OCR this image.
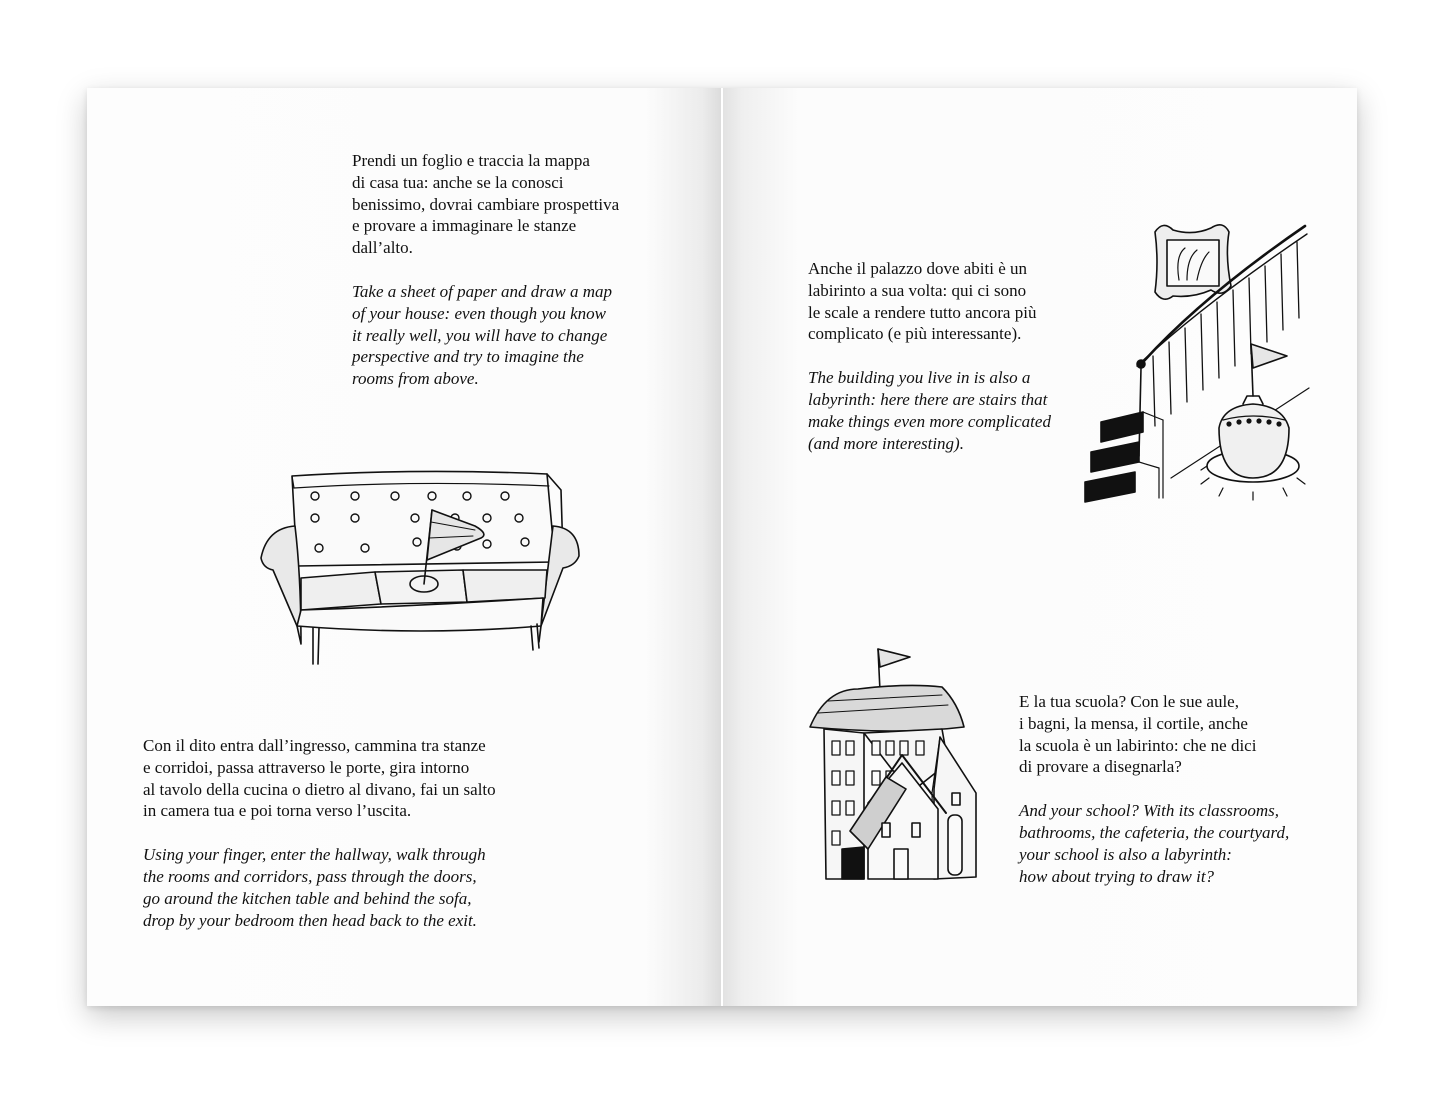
Prendi un foglio e traccia la mappa
di casa tua: anche se la conosci
benissimo, dovrai cambiare prospettiva
e provare a immaginare le stanze
dall’alto.

Take a sheet of paper and draw a map
of your house: even though you know
it really well, you will have to change
perspective and try to imagine the
rooms from above.

Con il dito entra dall’ingresso, cammina tra stanze
e corridoi, passa attraverso le porte, gira intorno
al tavolo della cucina o dietro al divano, fai un salto
in camera tua e poi torna verso l’uscita.

Using your finger, enter the hallway, walk through
the rooms and corridors, pass through the doors,
go around the kitchen table and behind the sofa,
drop by your bedroom then head back to the exit.

Anche il palazzo dove abiti è un
labirinto a sua volta: qui ci sono
le scale a rendere tutto ancora più
complicato (e più interessante).

The building you live in is also a
labyrinth: here there are stairs that
make things even more complicated
(and more interesting).

E la tua scuola? Con le sue aule,
i bagni, la mensa, il cortile, anche
la scuola è un labirinto: che ne dici
di provare a disegnarla?

And your school? With its classrooms,
bathrooms, the cafeteria, the courtyard,
your school is also a labyrinth:
how about trying to draw it?
